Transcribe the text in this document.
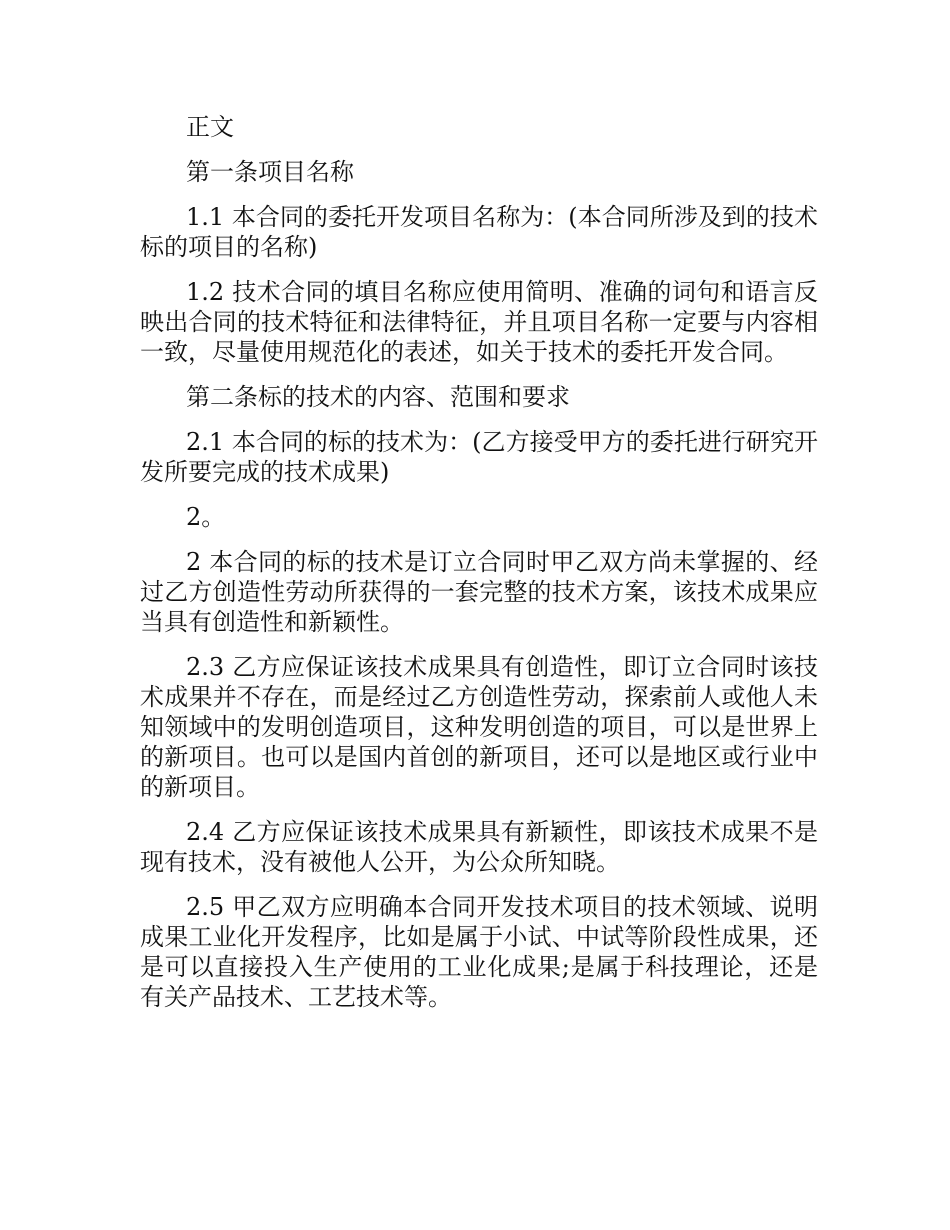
正文

第一条项目名称

1.1 本合同的委托开发项目名称为：(本合同所涉及到的技术标的项目的名称)

1.2 技术合同的填目名称应使用简明、准确的词句和语言反映出合同的技术特征和法律特征，并且项目名称一定要与内容相一致，尽量使用规范化的表述，如关于技术的委托开发合同。

第二条标的技术的内容、范围和要求

2.1 本合同的标的技术为：(乙方接受甲方的委托进行研究开发所要完成的技术成果)

2。

2 本合同的标的技术是订立合同时甲乙双方尚未掌握的、经过乙方创造性劳动所获得的一套完整的技术方案，该技术成果应当具有创造性和新颖性。

2.3 乙方应保证该技术成果具有创造性，即订立合同时该技术成果并不存在，而是经过乙方创造性劳动，探索前人或他人未知领域中的发明创造项目，这种发明创造的项目，可以是世界上的新项目。也可以是国内首创的新项目，还可以是地区或行业中的新项目。

2.4 乙方应保证该技术成果具有新颖性，即该技术成果不是现有技术，没有被他人公开，为公众所知晓。

2.5 甲乙双方应明确本合同开发技术项目的技术领域、说明成果工业化开发程序，比如是属于小试、中试等阶段性成果，还是可以直接投入生产使用的工业化成果;是属于科技理论，还是有关产品技术、工艺技术等。
